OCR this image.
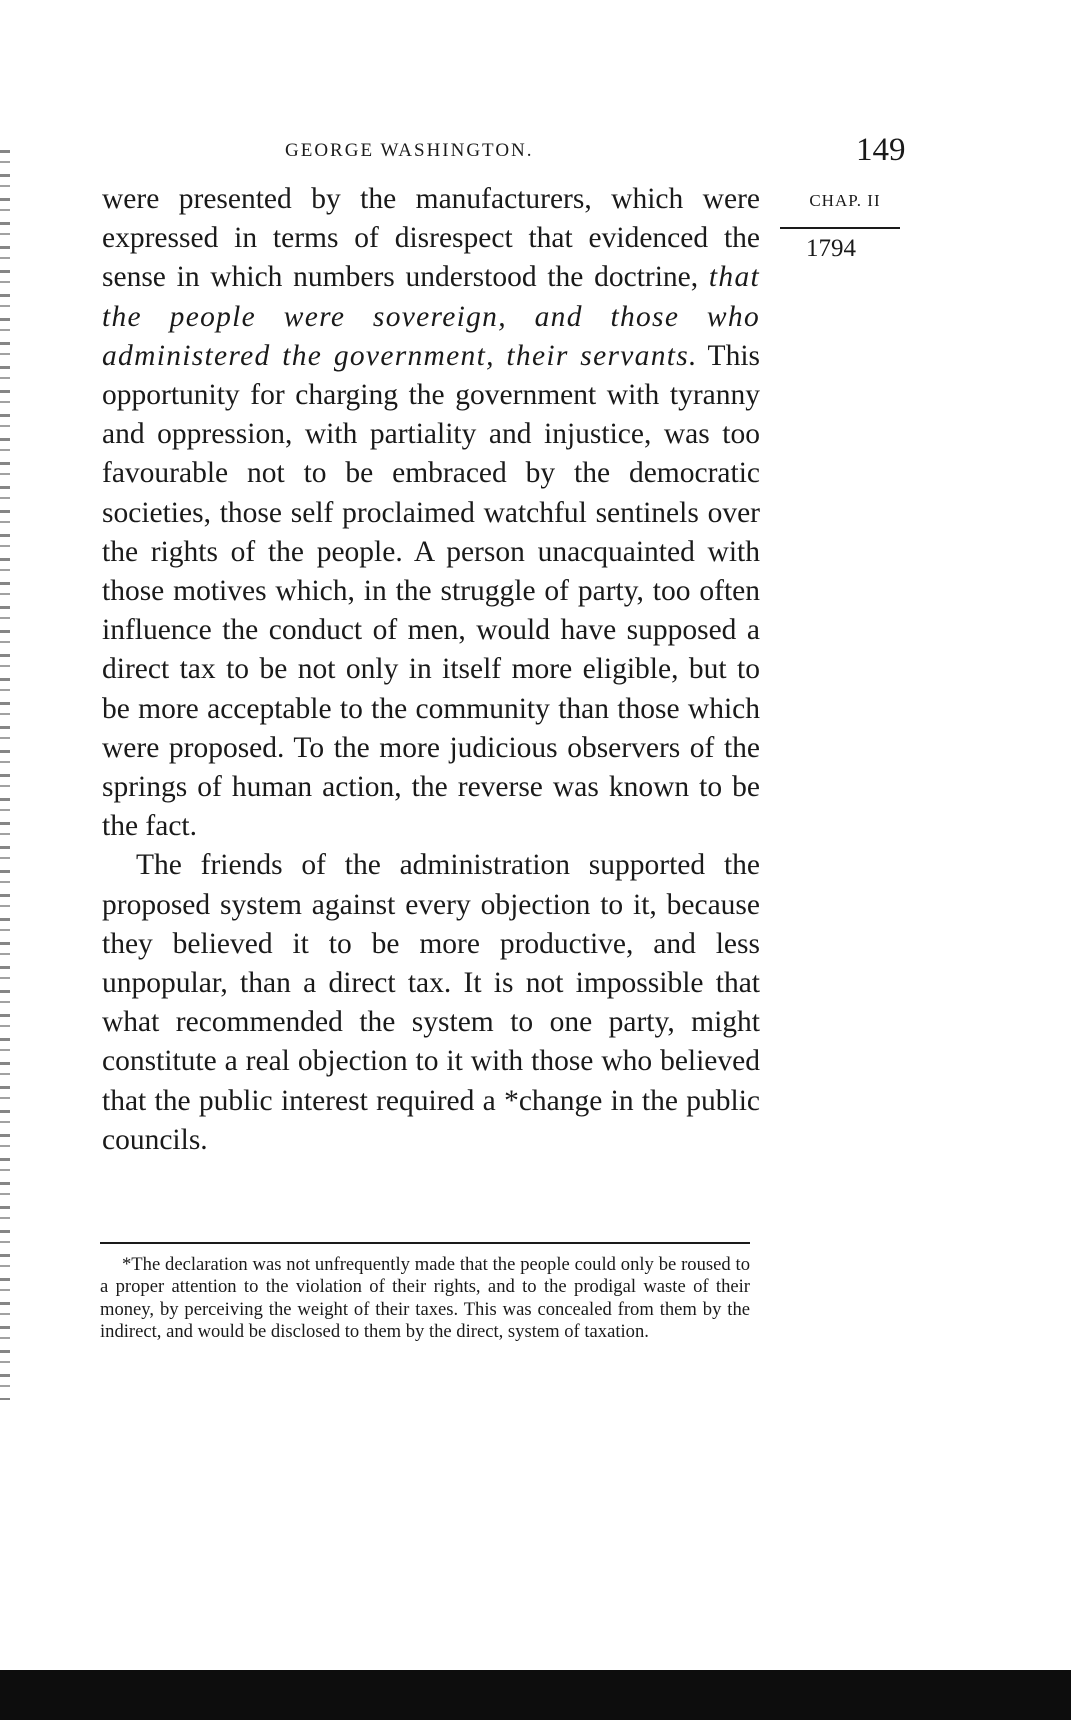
GEORGE WASHINGTON.	149
CHAP. II
1794

were presented by the manufacturers, which were expressed in terms of disrespect that evidenced the sense in which numbers understood the doctrine, that the people were sovereign, and those who administered the government, their servants. This opportunity for charging the government with tyranny and oppression, with partiality and injustice, was too favourable not to be embraced by the democratic societies, those self proclaimed watchful sentinels over the rights of the people. A person unacquainted with those motives which, in the struggle of party, too often influence the conduct of men, would have supposed a direct tax to be not only in itself more eligible, but to be more acceptable to the community than those which were proposed. To the more judicious observers of the springs of human action, the reverse was known to be the fact.

The friends of the administration supported the proposed system against every objection to it, because they believed it to be more productive, and less unpopular, than a direct tax. It is not impossible that what recommended the system to one party, might constitute a real objection to it with those who believed that the public interest required a *change in the public councils.

*The declaration was not unfrequently made that the people could only be roused to a proper attention to the violation of their rights, and to the prodigal waste of their money, by perceiving the weight of their taxes. This was concealed from them by the indirect, and would be disclosed to them by the direct, system of taxation.
